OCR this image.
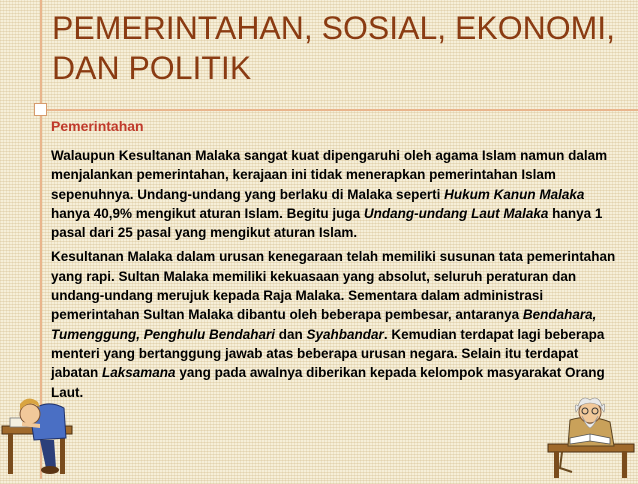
PEMERINTAHAN, SOSIAL, EKONOMI, DAN POLITIK
Pemerintahan

Walaupun Kesultanan Malaka sangat kuat dipengaruhi oleh agama Islam namun dalam menjalankan pemerintahan, kerajaan ini tidak menerapkan pemerintahan Islam sepenuhnya. Undang-undang yang berlaku di Malaka seperti Hukum Kanun Malaka hanya 40,9% mengikut aturan Islam. Begitu juga Undang-undang Laut Malaka hanya 1 pasal dari 25 pasal yang mengikut aturan Islam.

Kesultanan Malaka dalam urusan kenegaraan telah memiliki susunan tata pemerintahan yang rapi. Sultan Malaka memiliki kekuasaan yang absolut, seluruh peraturan dan undang-undang merujuk kepada Raja Malaka. Sementara dalam administrasi pemerintahan Sultan Malaka dibantu oleh beberapa pembesar, antaranya Bendahara, Tumenggung, Penghulu Bendahari dan Syahbandar. Kemudian terdapat lagi beberapa menteri yang bertanggung jawab atas beberapa urusan negara. Selain itu terdapat jabatan Laksamana yang pada awalnya diberikan kepada kelompok masyarakat Orang Laut.
